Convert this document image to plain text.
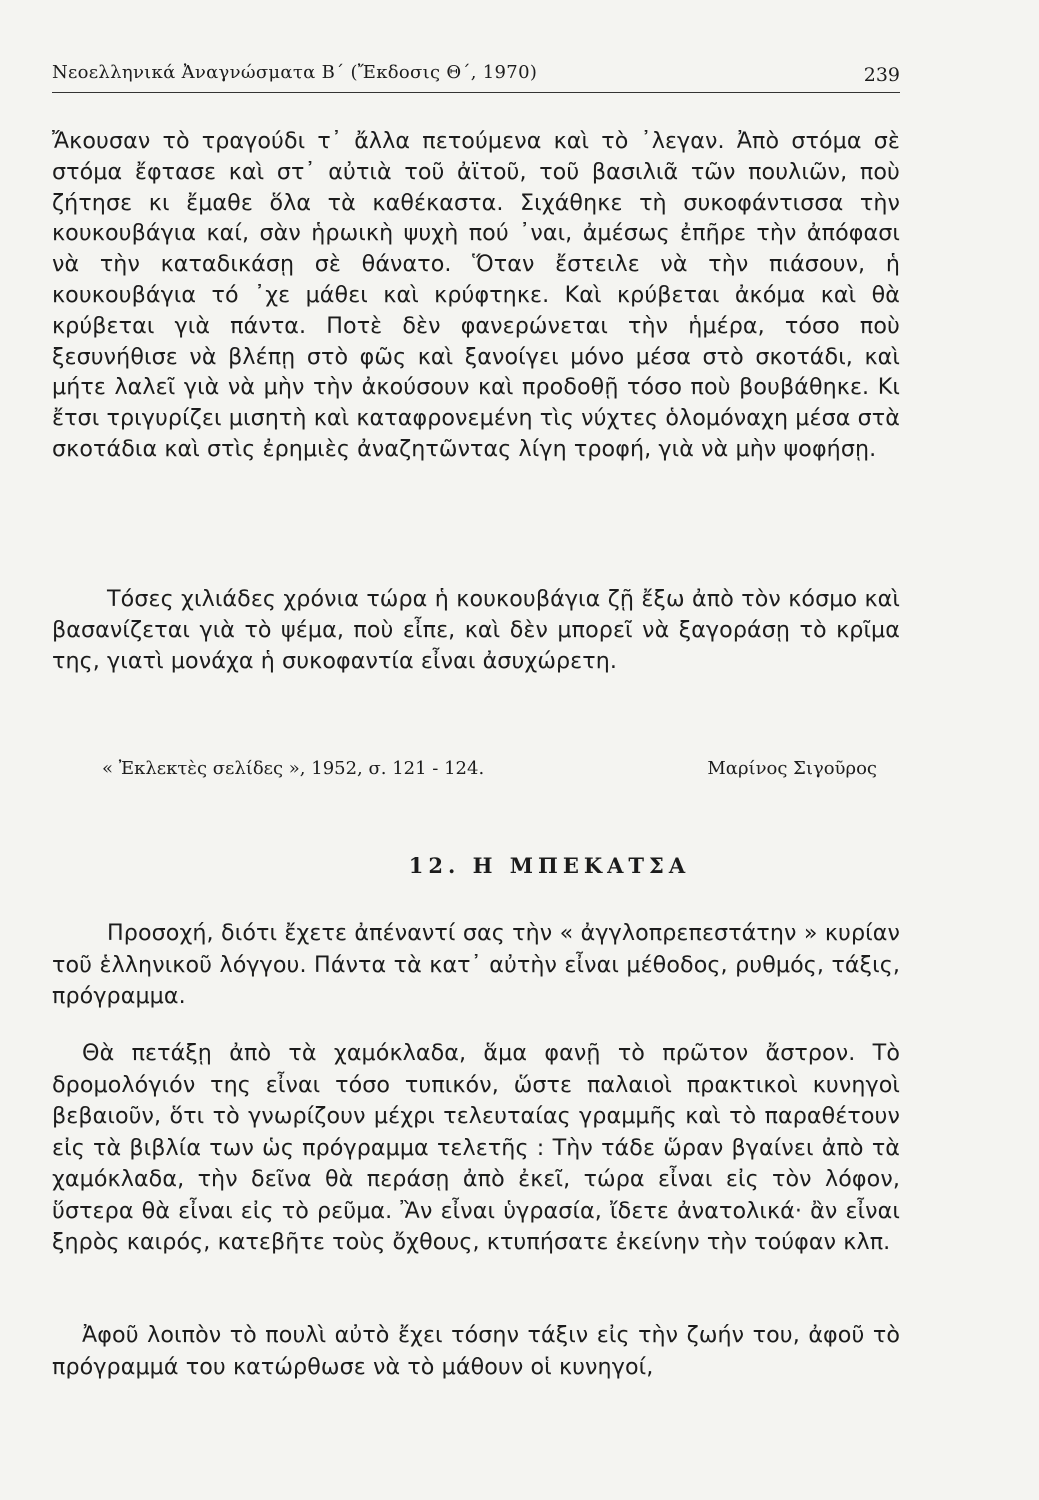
Νεοελληνικά Ἀναγνώσματα Β΄ (Ἔκδοσις Θ΄, 1970)	239

Ἄκουσαν τὸ τραγούδι τ᾽ ἄλλα πετούμενα καὶ τὸ ᾽λεγαν. Ἀπὸ στόμα σὲ στόμα ἔφτασε καὶ στ᾽ αὐτιὰ τοῦ ἀϊτοῦ, τοῦ βασιλιᾶ τῶν πουλιῶν, ποὺ ζήτησε κι ἔμαθε ὅλα τὰ καθέκαστα. Σιχάθηκε τὴ συκοφάντισσα τὴν κουκουβάγια καί, σὰν ἡρωικὴ ψυχὴ πού ᾽ναι, ἀμέσως ἐπῆρε τὴν ἀπόφασι νὰ τὴν καταδικάσῃ σὲ θάνατο. Ὅταν ἔστειλε νὰ τὴν πιάσουν, ἡ κουκουβάγια τό ᾽χε μάθει καὶ κρύφτηκε. Καὶ κρύβεται ἀκόμα καὶ θὰ κρύβεται γιὰ πάντα. Ποτὲ δὲν φανερώνεται τὴν ἡμέρα, τόσο ποὺ ξεσυνήθισε νὰ βλέπῃ στὸ φῶς καὶ ξανοίγει μόνο μέσα στὸ σκοτάδι, καὶ μήτε λαλεῖ γιὰ νὰ μὴν τὴν ἀκούσουν καὶ προδοθῇ τόσο ποὺ βουβάθηκε. Κι ἔτσι τριγυρίζει μισητὴ καὶ καταφρονεμένη τὶς νύχτες ὁλομόναχη μέσα στὰ σκοτάδια καὶ στὶς ἐρημιὲς ἀναζητῶντας λίγη τροφή, γιὰ νὰ μὴν ψοφήσῃ.

Τόσες χιλιάδες χρόνια τώρα ἡ κουκουβάγια ζῇ ἔξω ἀπὸ τὸν κόσμο καὶ βασανίζεται γιὰ τὸ ψέμα, ποὺ εἶπε, καὶ δὲν μπορεῖ νὰ ξαγοράσῃ τὸ κρῖμα της, γιατὶ μονάχα ἡ συκοφαντία εἶναι ἀσυχώρετη.

« Ἐκλεκτὲς σελίδες », 1952, σ. 121 - 124.	Μαρίνος Σιγοῦρος
12. Η ΜΠΕΚΑΤΣΑ

Προσοχή, διότι ἔχετε ἀπέναντί σας τὴν « ἀγγλοπρεπεστάτην » κυρίαν τοῦ ἑλληνικοῦ λόγγου. Πάντα τὰ κατ᾽ αὐτὴν εἶναι μέθοδος, ρυθμός, τάξις, πρόγραμμα.

Θὰ πετάξῃ ἀπὸ τὰ χαμόκλαδα, ἅμα φανῇ τὸ πρῶτον ἄστρον. Τὸ δρομολόγιόν της εἶναι τόσο τυπικόν, ὥστε παλαιοὶ πρακτικοὶ κυνηγοὶ βεβαιοῦν, ὅτι τὸ γνωρίζουν μέχρι τελευταίας γραμμῆς καὶ τὸ παραθέτουν εἰς τὰ βιβλία των ὡς πρόγραμμα τελετῆς : Τὴν τάδε ὥραν βγαίνει ἀπὸ τὰ χαμόκλαδα, τὴν δεῖνα θὰ περάσῃ ἀπὸ ἐκεῖ, τώρα εἶναι εἰς τὸν λόφον, ὕστερα θὰ εἶναι εἰς τὸ ρεῦμα. Ἂν εἶναι ὑγρασία, ἴδετε ἀνατολικά· ἂν εἶναι ξηρὸς καιρός, κατεβῆτε τοὺς ὄχθους, κτυπήσατε ἐκείνην τὴν τούφαν κλπ.

Ἀφοῦ λοιπὸν τὸ πουλὶ αὐτὸ ἔχει τόσην τάξιν εἰς τὴν ζωήν του, ἀφοῦ τὸ πρόγραμμά του κατώρθωσε νὰ τὸ μάθουν οἱ κυνηγοί,
